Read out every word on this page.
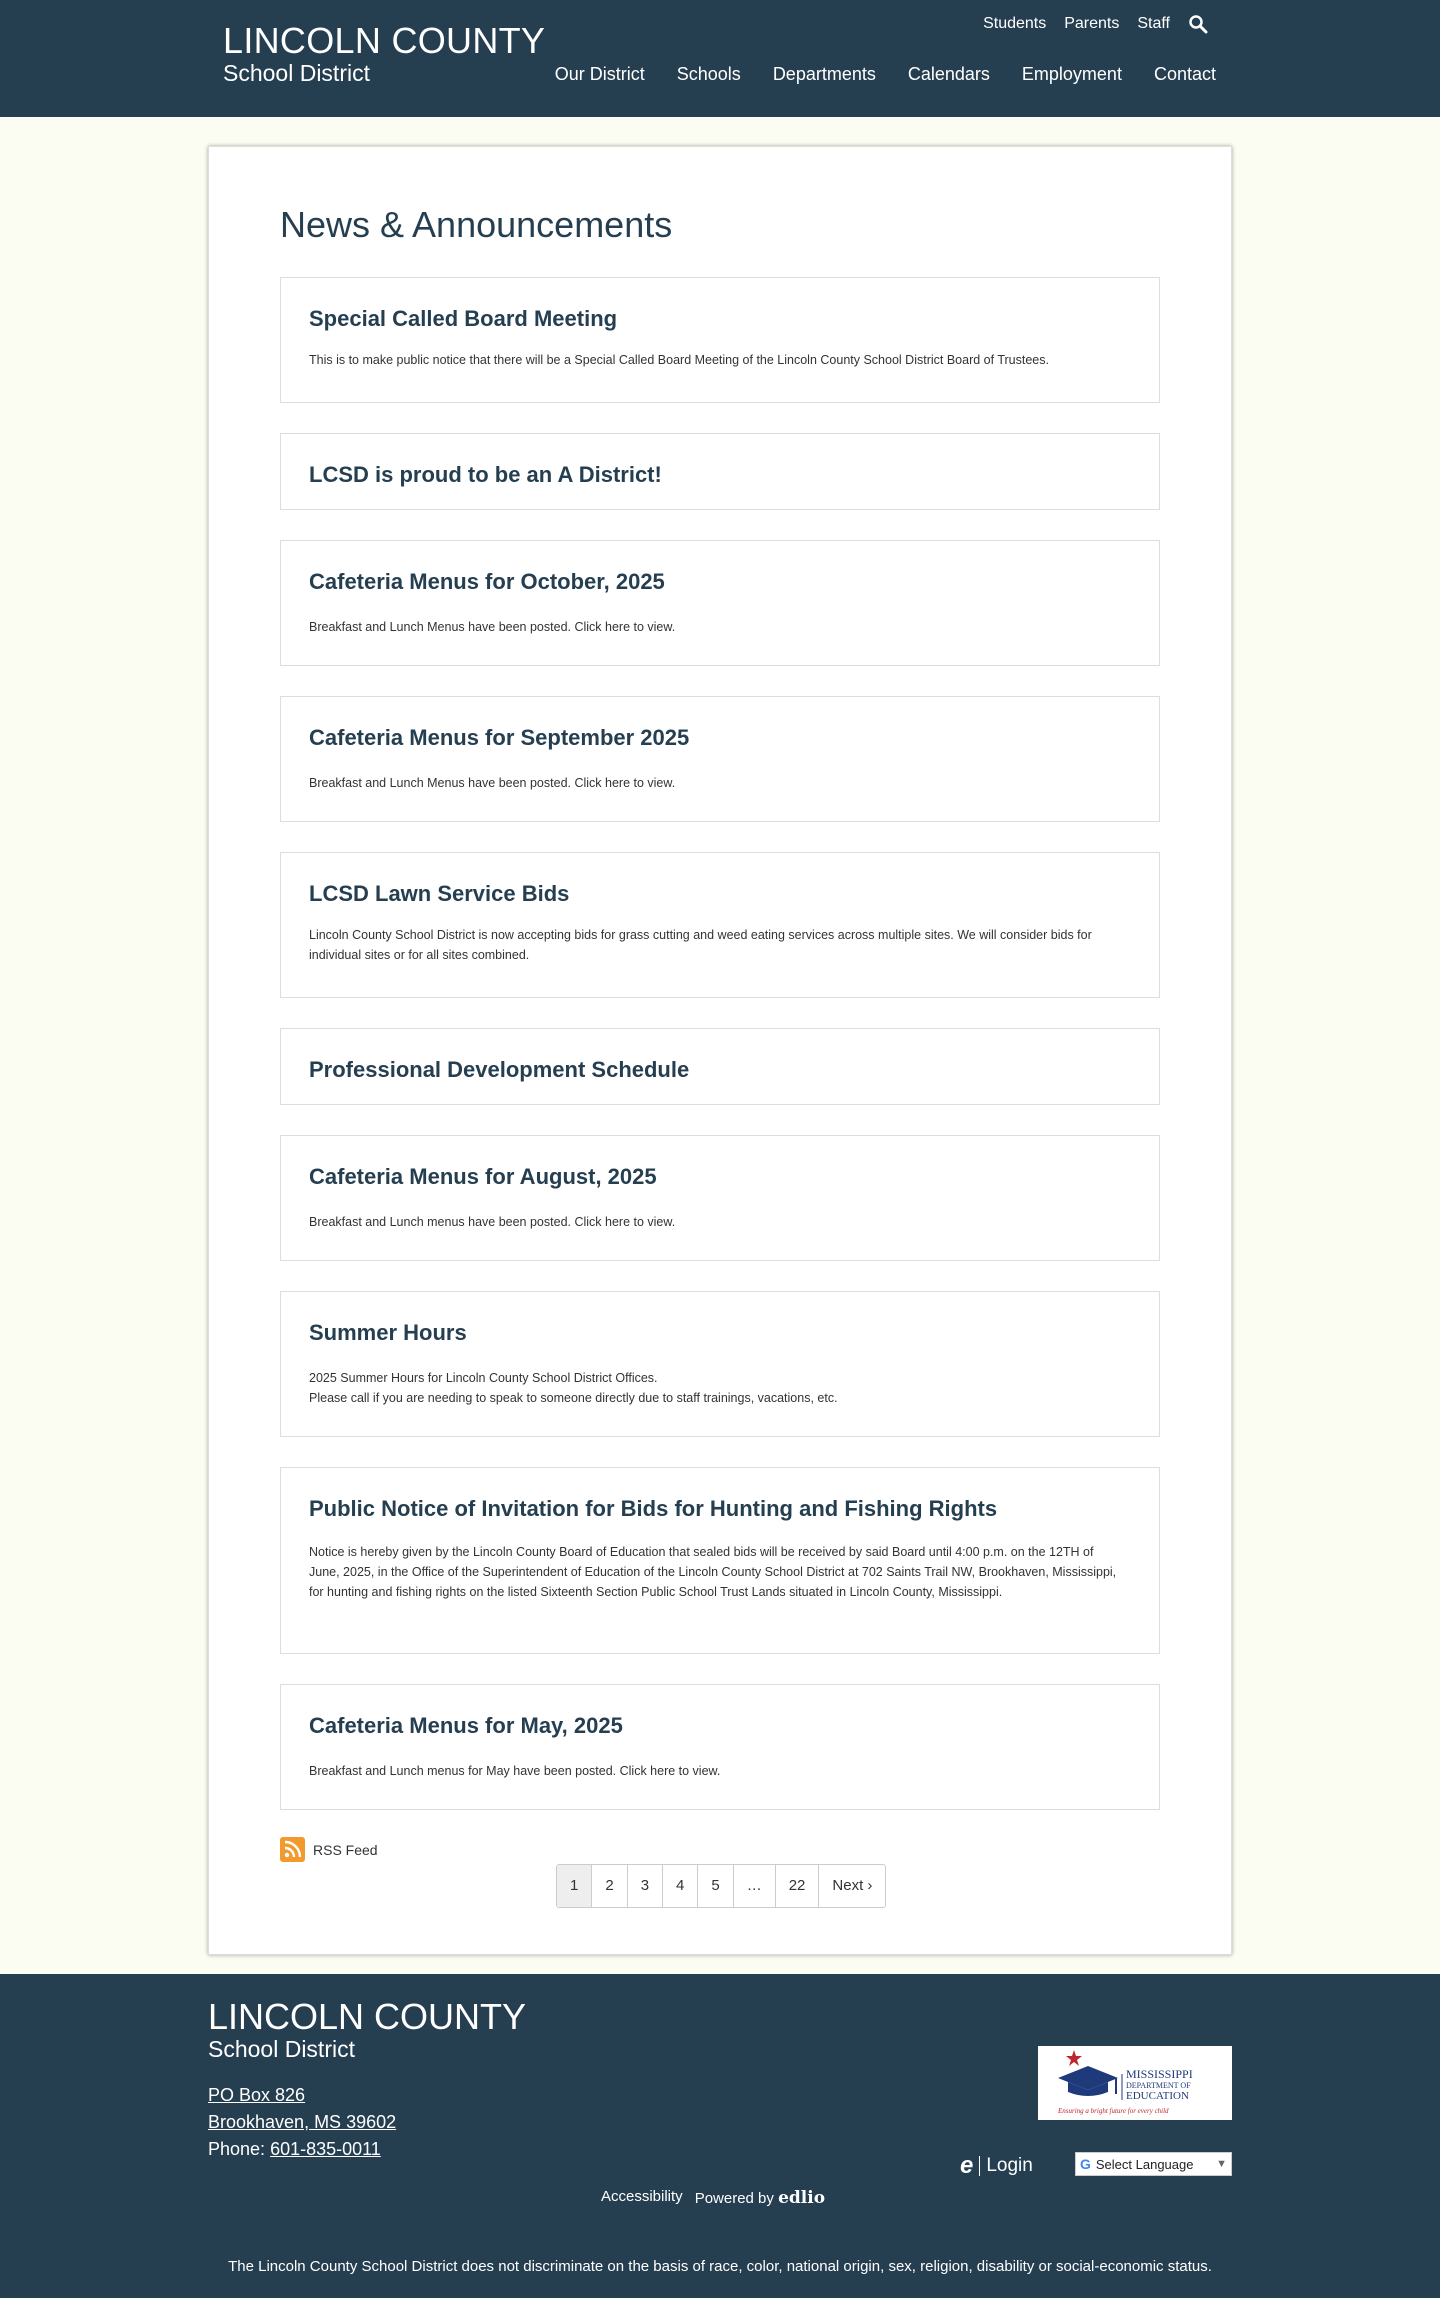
LINCOLN COUNTY
School District
Students Parents Staff
Our District Schools Departments Calendars Employment Contact
News & Announcements
Special Called Board Meeting

This is to make public notice that there will be a Special Called Board Meeting of the Lincoln County School District Board of Trustees.

LCSD is proud to be an A District!
Cafeteria Menus for October, 2025

Breakfast and Lunch Menus have been posted. Click here to view.

Cafeteria Menus for September 2025

Breakfast and Lunch Menus have been posted. Click here to view.

LCSD Lawn Service Bids

Lincoln County School District is now accepting bids for grass cutting and weed eating services across multiple sites. We will consider bids for individual sites or for all sites combined.

Professional Development Schedule
Cafeteria Menus for August, 2025

Breakfast and Lunch menus have been posted. Click here to view.

Summer Hours

2025 Summer Hours for Lincoln County School District Offices.

Please call if you are needing to speak to someone directly due to staff trainings, vacations, etc.

Public Notice of Invitation for Bids for Hunting and Fishing Rights

Notice is hereby given by the Lincoln County Board of Education that sealed bids will be received by said Board until 4:00 p.m. on the 12TH of June, 2025, in the Office of the Superintendent of Education of the Lincoln County School District at 702 Saints Trail NW, Brookhaven, Mississippi, for hunting and fishing rights on the listed Sixteenth Section Public School Trust Lands situated in Lincoln County, Mississippi.

Cafeteria Menus for May, 2025

Breakfast and Lunch menus for May have been posted. Click here to view.

RSS Feed
1	2	3	4	5	…	22	Next ›
LINCOLN COUNTY
School District
PO Box 826
Brookhaven, MS 39602
Phone: 601-835-0011
MISSISSIPPI
DEPARTMENT OF
EDUCATION
Ensuring a bright future for every child
e Login	G Select Language ▼
Accessibility Powered by edlio
The Lincoln County School District does not discriminate on the basis of race, color, national origin, sex, religion, disability or social-economic status.
